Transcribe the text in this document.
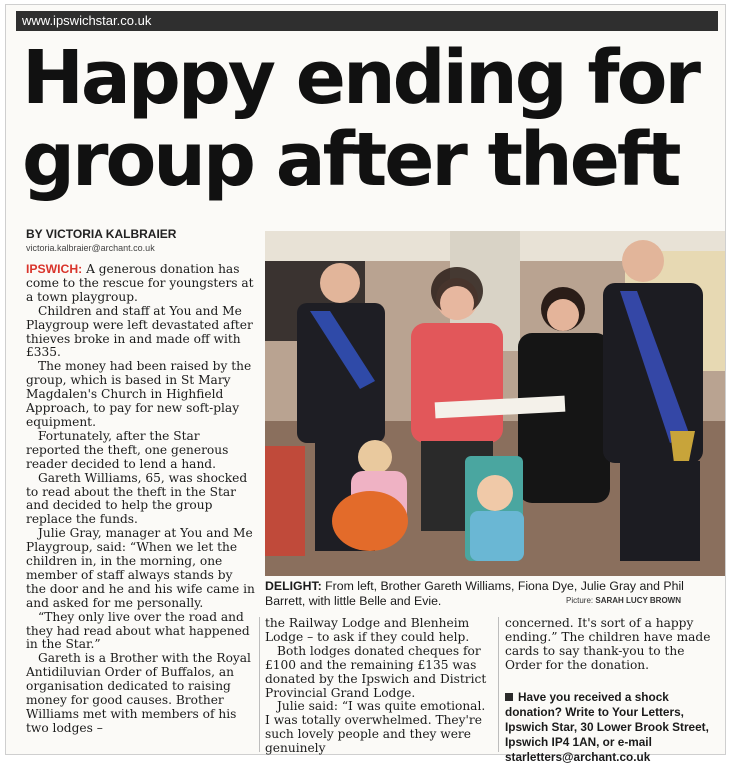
www.ipswichstar.co.uk
Happy ending for
group after theft
BY VICTORIA KALBRAIER
victoria.kalbraier@archant.co.uk

IPSWICH: A generous donation has come to the rescue for youngsters at a town playgroup.

Children and staff at You and Me Playgroup were left devastated after thieves broke in and made off with £335.

The money had been raised by the group, which is based in St Mary Magdalen's Church in Highfield Approach, to pay for new soft-play equipment.

Fortunately, after the Star reported the theft, one generous reader decided to lend a hand.

Gareth Williams, 65, was shocked to read about the theft in the Star and decided to help the group replace the funds.

Julie Gray, manager at You and Me Playgroup, said: “When we let the children in, in the morning, one member of staff always stands by the door and he and his wife came in and asked for me personally.

“They only live over the road and they had read about what happened in the Star.”

Gareth is a Brother with the Royal Antidiluvian Order of Buffalos, an organisation dedicated to raising money for good causes. Brother Williams met with members of his two lodges –

DELIGHT: From left, Brother Gareth Williams, Fiona Dye, Julie Gray and Phil Barrett, with little Belle and Evie.	Picture: SARAH LUCY BROWN

the Railway Lodge and Blenheim Lodge – to ask if they could help.

Both lodges donated cheques for £100 and the remaining £135 was donated by the Ipswich and District Provincial Grand Lodge.

Julie said: “I was quite emotional. I was totally overwhelmed. They're such lovely people and they were genuinely

concerned. It's sort of a happy ending.” The children have made cards to say thank-you to the Order for the donation.

Have you received a shock donation? Write to Your Letters, Ipswich Star, 30 Lower Brook Street, Ipswich IP4 1AN, or e-mail starletters@archant.co.uk
